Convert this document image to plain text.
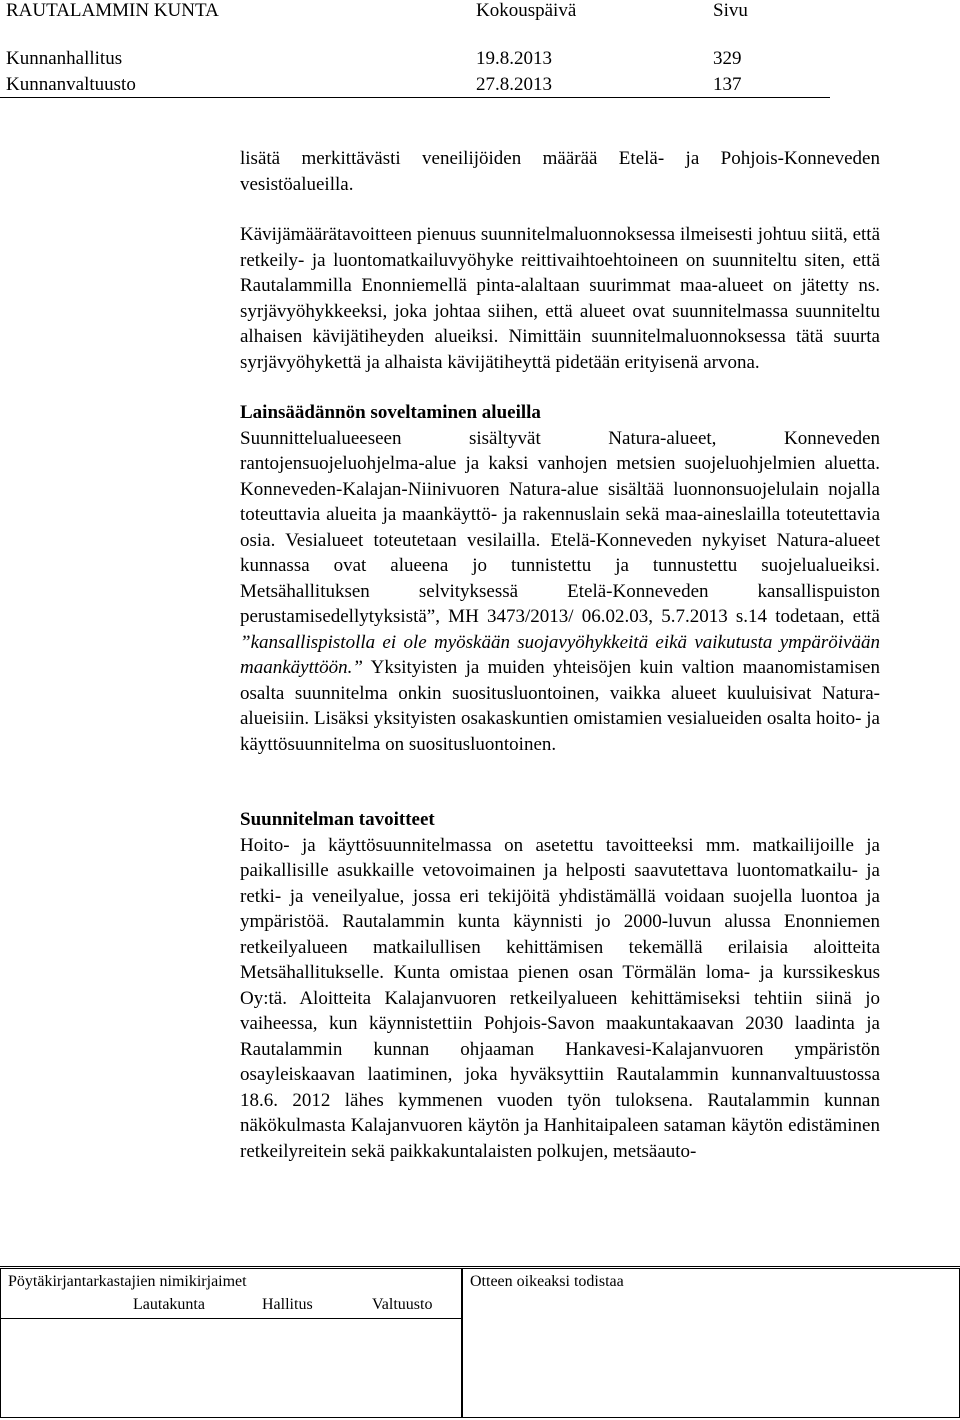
RAUTALAMMIN KUNTA	Kokouspäivä	Sivu
Kunnanhallitus	19.8.2013	329
Kunnanvaltuusto	27.8.2013	137

lisätä merkittävästi veneilijöiden määrää Etelä- ja Pohjois-Konneveden vesistöalueilla.

Kävijämäärätavoitteen pienuus suunnitelmaluonnoksessa ilmeisesti johtuu siitä, että retkeily- ja luontomatkailuvyöhyke reittivaihtoehtoineen on suunniteltu siten, että Rautalammilla Enonniemellä pinta-alaltaan suurimmat maa-alueet on jätetty ns. syrjävyöhykkeeksi, joka johtaa siihen, että alueet ovat suunnitelmassa suunniteltu alhaisen kävijätiheyden alueiksi. Nimittäin suunnitelmaluonnoksessa tätä suurta syrjävyöhykettä ja alhaista kävijätiheyttä pidetään erityisenä arvona.

Lainsäädännön soveltaminen alueilla

Suunnittelualueeseen sisältyvät Natura-alueet, Konneveden rantojensuojeluohjelma-alue ja kaksi vanhojen metsien suojeluohjelmien aluetta. Konneveden-Kalajan-Niinivuoren Natura-alue sisältää luonnonsuojelulain nojalla toteuttavia alueita ja maankäyttö- ja rakennuslain sekä maa-aineslailla toteutettavia osia. Vesialueet toteutetaan vesilailla. Etelä-Konneveden nykyiset Natura-alueet kunnassa ovat alueena jo tunnistettu ja tunnustettu suojelualueiksi. Metsähallituksen selvityksessä Etelä-Konneveden kansallispuiston perustamisedellytyksistä”, MH 3473/2013/ 06.02.03, 5.7.2013 s.14 todetaan, että ”kansallispistolla ei ole myöskään suojavyöhykkeitä eikä vaikutusta ympäröivään maankäyttöön.” Yksityisten ja muiden yhteisöjen kuin valtion maanomistamisen osalta suunnitelma onkin suositusluontoinen, vaikka alueet kuuluisivat Natura-alueisiin. Lisäksi yksityisten osakaskuntien omistamien vesialueiden osalta hoito- ja käyttösuunnitelma on suositusluontoinen.

Suunnitelman tavoitteet

Hoito- ja käyttösuunnitelmassa on asetettu tavoitteeksi mm. matkailijoille ja paikallisille asukkaille vetovoimainen ja helposti saavutettava luontomatkailu- ja retki- ja veneilyalue, jossa eri tekijöitä yhdistämällä voidaan suojella luontoa ja ympäristöä. Rautalammin kunta käynnisti jo 2000-luvun alussa Enonniemen retkeilyalueen matkailullisen kehittämisen tekemällä erilaisia aloitteita Metsähallitukselle. Kunta omistaa pienen osan Törmälän loma- ja kurssikeskus Oy:tä. Aloitteita Kalajanvuoren retkeilyalueen kehittämiseksi tehtiin siinä jo vaiheessa, kun käynnistettiin Pohjois-Savon maakuntakaavan 2030 laadinta ja Rautalammin kunnan ohjaaman Hankavesi-Kalajanvuoren ympäristön osayleiskaavan laatiminen, joka hyväksyttiin Rautalammin kunnanvaltuustossa 18.6. 2012 lähes kymmenen vuoden työn tuloksena. Rautalammin kunnan näkökulmasta Kalajanvuoren käytön ja Hanhitaipaleen sataman käytön edistäminen retkeilyreitein sekä paikkakuntalaisten polkujen, metsäauto-

Pöytäkirjantarkastajien nimikirjaimet
Lautakunta	Hallitus	Valtuusto
Otteen oikeaksi todistaa
